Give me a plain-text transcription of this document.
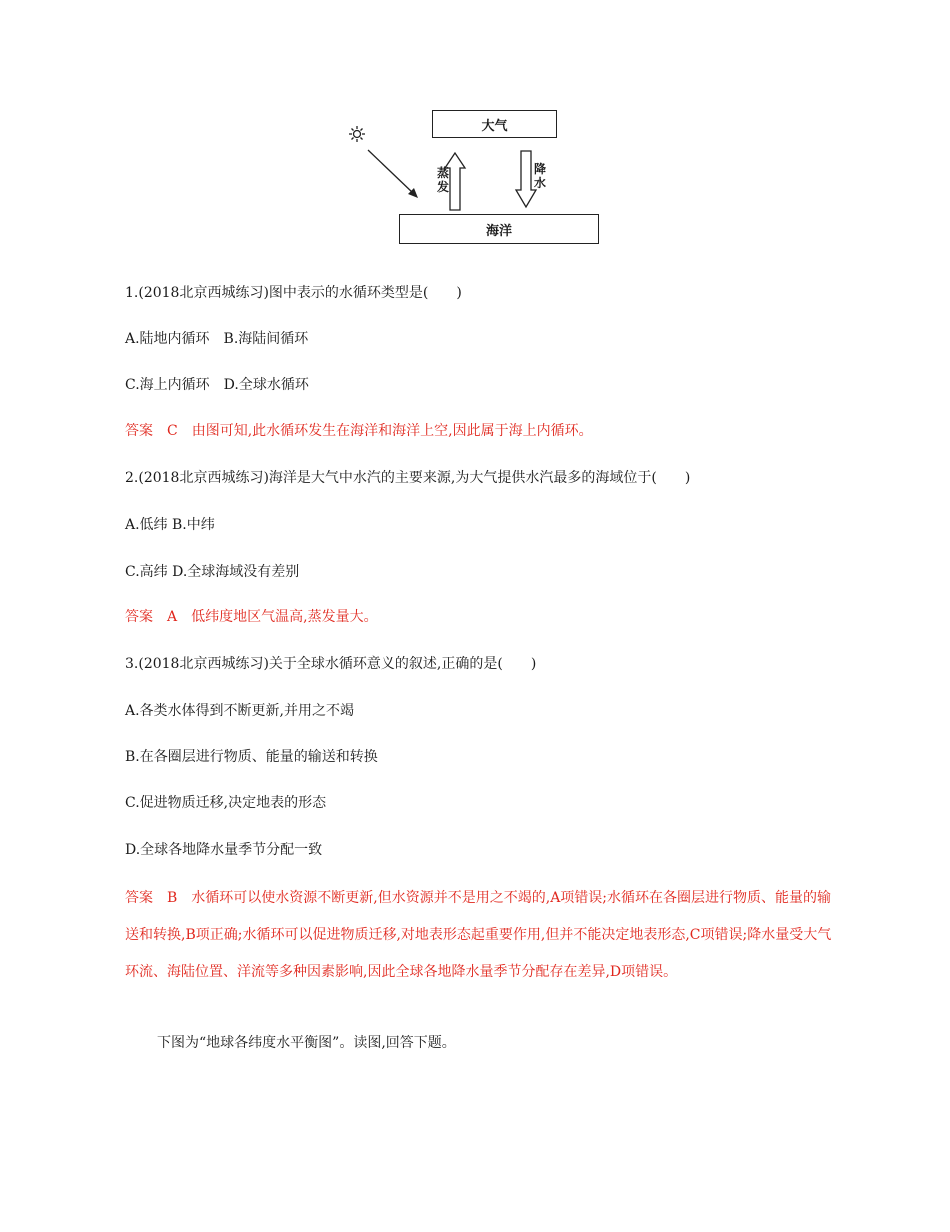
大气
海洋
蒸发
降水
1.(2018北京西城练习)图中表示的水循环类型是(　　)
A.陆地内循环　B.海陆间循环
C.海上内循环　D.全球水循环
答案　C 由图可知,此水循环发生在海洋和海洋上空,因此属于海上内循环。
2.(2018北京西城练习)海洋是大气中水汽的主要来源,为大气提供水汽最多的海域位于(　　)
A.低纬 B.中纬
C.高纬 D.全球海域没有差别
答案　A 低纬度地区气温高,蒸发量大。
3.(2018北京西城练习)关于全球水循环意义的叙述,正确的是(　　)
A.各类水体得到不断更新,并用之不竭
B.在各圈层进行物质、能量的输送和转换
C.促进物质迁移,决定地表的形态
D.全球各地降水量季节分配一致
答案　B 水循环可以使水资源不断更新,但水资源并不是用之不竭的,A项错误;水循环在各圈层进行物质、能量的输送和转换,B项正确;水循环可以促进物质迁移,对地表形态起重要作用,但并不能决定地表形态,C项错误;降水量受大气环流、海陆位置、洋流等多种因素影响,因此全球各地降水量季节分配存在差异,D项错误。
下图为“地球各纬度水平衡图”。读图,回答下题。
